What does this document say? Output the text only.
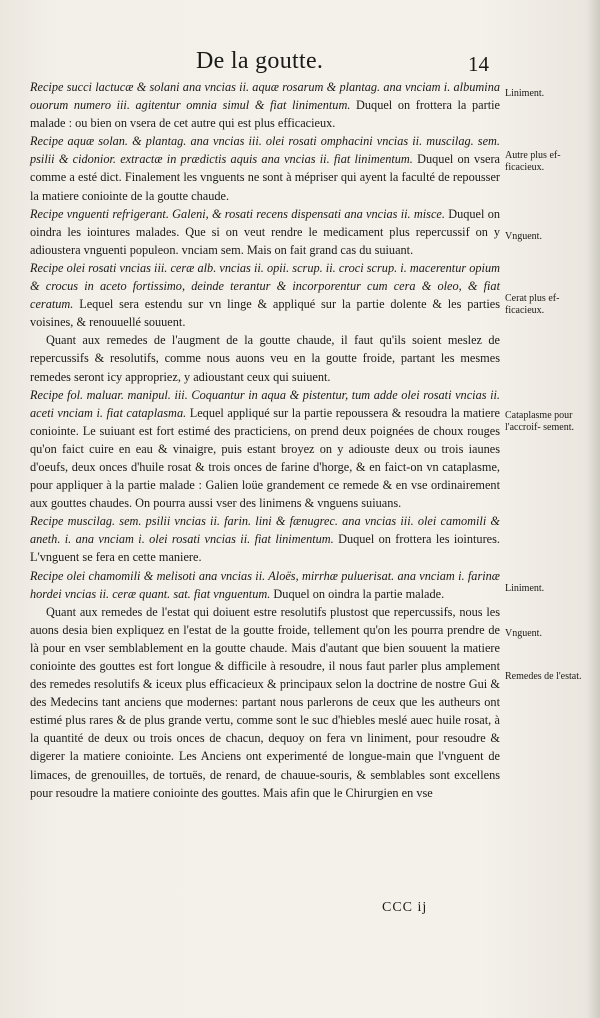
De la goutte.	14

Recipe succi lactucæ & solani ana vncias ii. aquæ rosarum & plantag. ana vnciam i. albumina ouorum numero iii. agitentur omnia simul & fiat linimentum. Duquel on frottera la partie malade : ou bien on vsera de cet autre qui est plus efficacieux.

Recipe aquæ solan. & plantag. ana vncias iii. olei rosati omphacini vncias ii. muscilag. sem. psilii & cidonior. extractæ in prædictis aquis ana vncias ii. fiat linimentum. Duquel on vsera comme a esté dict. Finalement les vnguents ne sont à mépriser qui ayent la faculté de repousser la matiere coniointe de la goutte chaude.

Recipe vnguenti refrigerant. Galeni, & rosati recens dispensati ana vncias ii. misce. Duquel on oindra les iointures malades. Que si on veut rendre le medicament plus repercussif on y adioustera vnguenti populeon. vnciam sem. Mais on fait grand cas du suiuant.

Recipe olei rosati vncias iii. ceræ alb. vncias ii. opii. scrup. ii. croci scrup. i. macerentur opium & crocus in aceto fortissimo, deinde terantur & incorporentur cum cera & oleo, & fiat ceratum. Lequel sera estendu sur vn linge & appliqué sur la partie dolente & les parties voisines, & renouuellé souuent.

Quant aux remedes de l'augment de la goutte chaude, il faut qu'ils soient meslez de repercussifs & resolutifs, comme nous auons veu en la goutte froide, partant les mesmes remedes seront icy appropriez, y adioustant ceux qui suiuent.

Recipe fol. maluar. manipul. iii. Coquantur in aqua & pistentur, tum adde olei rosati vncias ii. aceti vnciam i. fiat cataplasma. Lequel appliqué sur la partie repoussera & resoudra la matiere coniointe. Le suiuant est fort estimé des practiciens, on prend deux poignées de choux rouges qu'on faict cuire en eau & vinaigre, puis estant broyez on y adiouste deux ou trois iaunes d'oeufs, deux onces d'huile rosat & trois onces de farine d'horge, & en faict-on vn cataplasme, pour appliquer à la partie malade : Galien loüe grandement ce remede & en vse ordinairement aux gouttes chaudes. On pourra aussi vser des linimens & vnguens suiuans.

Recipe muscilag. sem. psilii vncias ii. farin. lini & fænugrec. ana vncias iii. olei camomili & aneth. i. ana vnciam i. olei rosati vncias ii. fiat linimentum. Duquel on frottera les iointures. L'vnguent se fera en cette maniere.

Recipe olei chamomili & melisoti ana vncias ii. Aloës, mirrhæ puluerisat. ana vnciam i. farinæ hordei vncias ii. ceræ quant. sat. fiat vnguentum. Duquel on oindra la partie malade.

Quant aux remedes de l'estat qui doiuent estre resolutifs plustost que repercussifs, nous les auons desia bien expliquez en l'estat de la goutte froide, tellement qu'on les pourra prendre de là pour en vser semblablement en la goutte chaude. Mais d'autant que bien souuent la matiere coniointe des gouttes est fort longue & difficile à resoudre, il nous faut parler plus amplement des remedes resolutifs & iceux plus efficacieux & principaux selon la doctrine de nostre Gui & des Medecins tant anciens que modernes: partant nous parlerons de ceux que les autheurs ont estimé plus rares & de plus grande vertu, comme sont le suc d'hiebles meslé auec huile rosat, à la quantité de deux ou trois onces de chacun, dequoy on fera vn liniment, pour resoudre & digerer la matiere coniointe. Les Anciens ont experimenté de longue-main que l'vnguent de limaces, de grenouilles, de tortuës, de renard, de chauue-souris, & semblables sont excellens pour resoudre la matiere coniointe des gouttes. Mais afin que le Chirurgien en vse

Liniment.
Autre plus ef- ficacieux.
Vnguent.
Cerat plus ef- ficacieux.
Cataplasme pour l'accroif- sement.
Liniment.
Vnguent.
Remedes de l'estat.
CCC ij
